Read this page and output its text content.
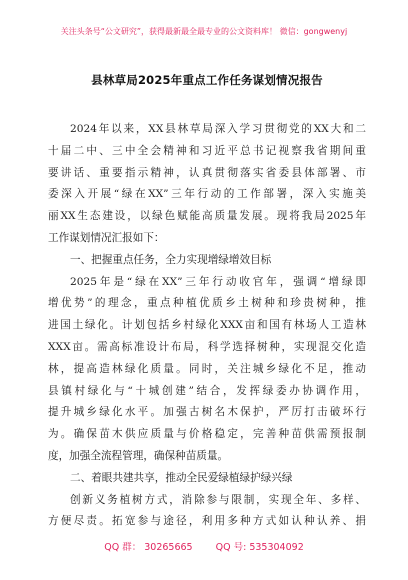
关注头条号“公文研究”，获得最新最全最专业的公文资料库！ 微信：gongwenyj
县林草局2025年重点工作任务谋划情况报告
2024年以来，XX县林草局深入学习贯彻党的XX大和二
十届二中、三中全会精神和习近平总书记视察我省期间重
要讲话、重要指示精神，认真贯彻落实省委县体部署、市
委深入开展“绿在XX”三年行动的工作部署，深入实施美
丽XX生态建设，以绿色赋能高质量发展。现将我局2025年
工作谋划情况汇报如下：
一、把握重点任务，全力实现增绿增效目标
2025年是“绿在XX”三年行动收官年，强调“增绿即
增优势”的理念，重点种植优质乡土树种和珍贵树种，推
进国土绿化。计划包括乡村绿化XXX亩和国有林场人工造林
XXX亩。需高标准设计布局，科学选择树种，实现混交化造
林，提高造林绿化质量。同时，关注城乡绿化不足，推动
县镇村绿化与“十城创建”结合，发挥绿委办协调作用，
提升城乡绿化水平。加强古树名木保护，严厉打击破坏行
为。确保苗木供应质量与价格稳定，完善种苗供需预报制
度，加强全流程管理，确保种苗质量。
二、着眼共建共享，推动全民爱绿植绿护绿兴绿
创新义务植树方式，消除参与限制，实现全年、多样、
方便尽责。拓宽参与途径，利用多种方式如认种认养、捐
QQ 群： 30265665 QQ 号: 535304092
